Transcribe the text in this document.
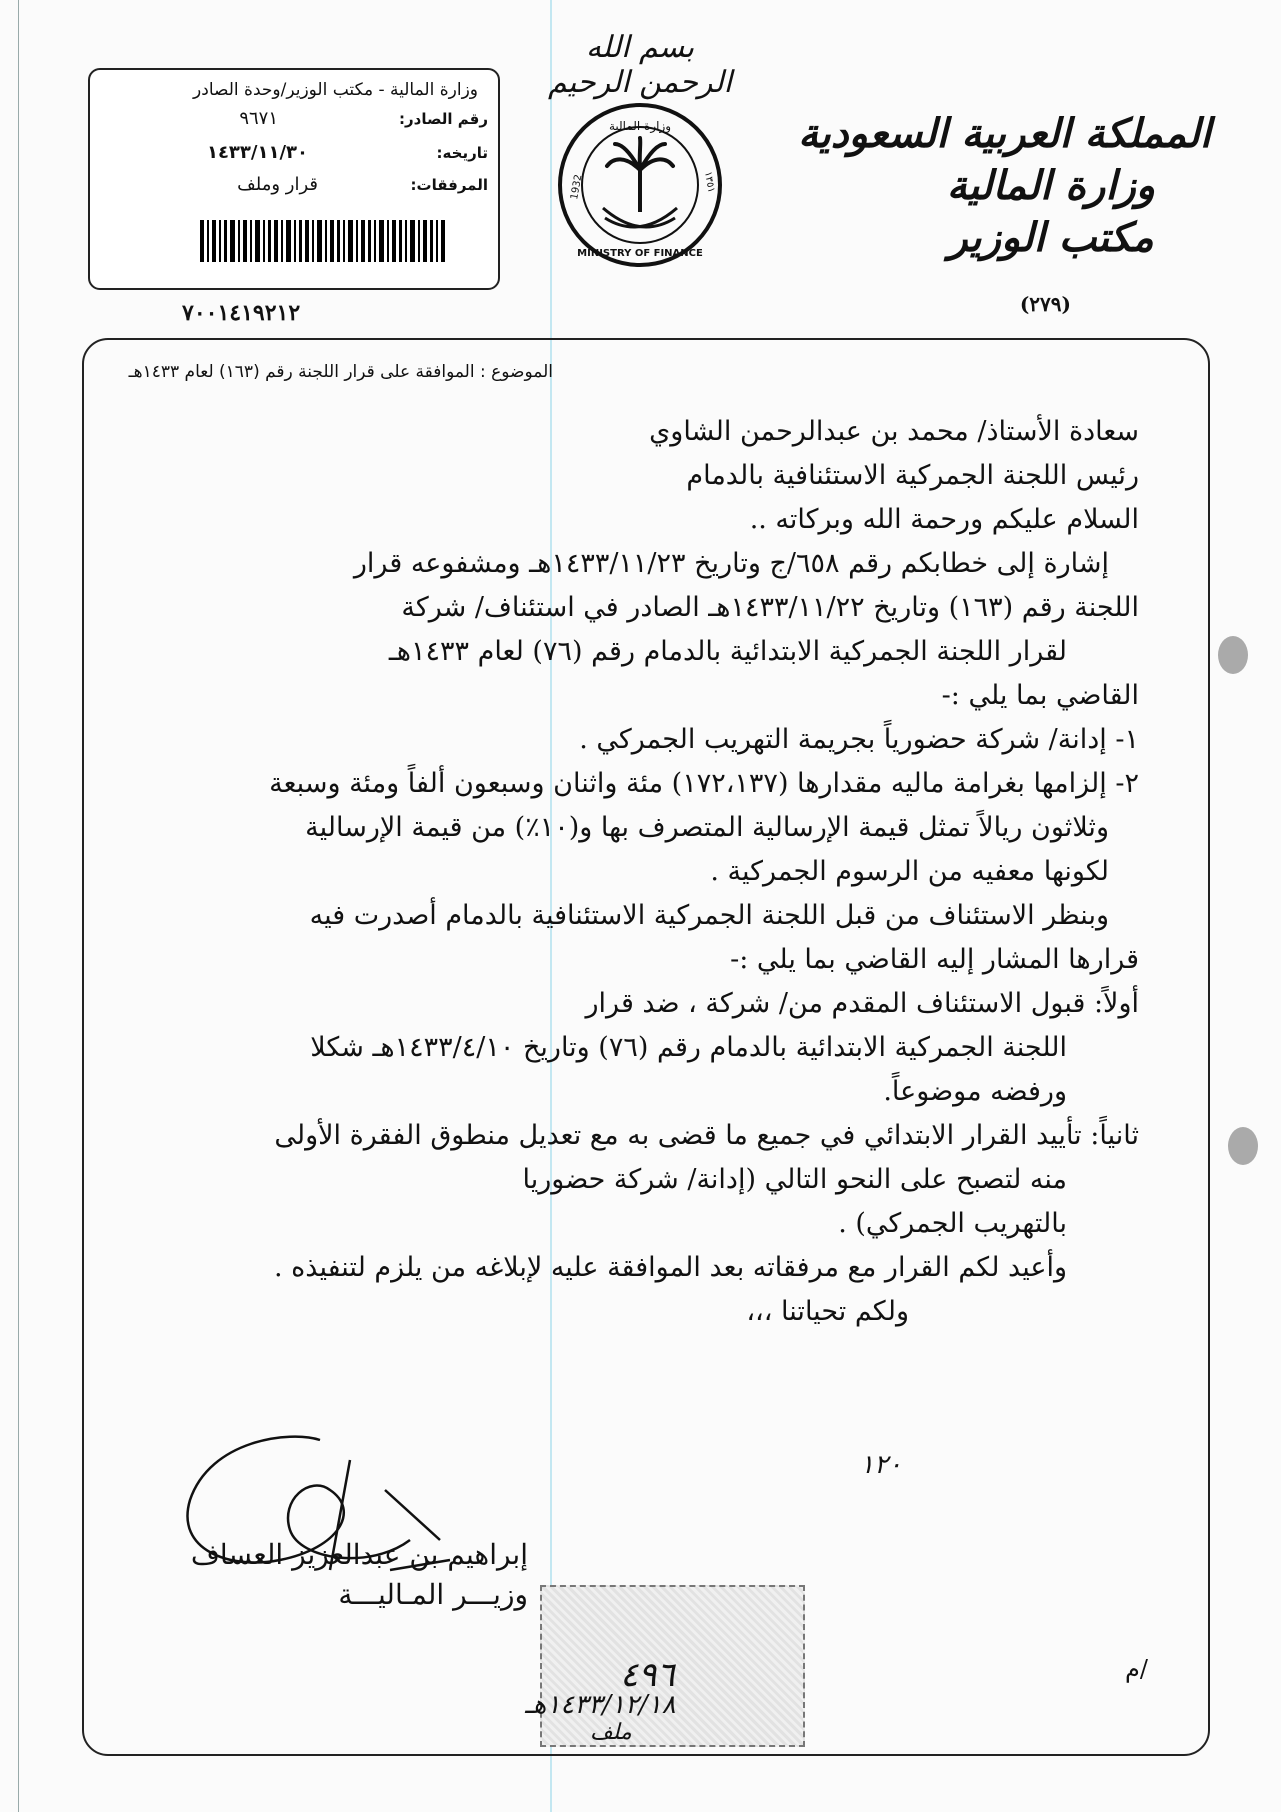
بسم الله الرحمن الرحيم
المملكة العربية السعودية
وزارة المالية
مكتب الوزير
(٢٧٩)
وزارة المالية
MINISTRY OF FINANCE
1932	١٣٥١
وزارة المالية - مكتب الوزير/وحدة الصادر
رقم الصادر:
٩٦٧١
تاريخه:
١٤٣٣/١١/٣٠
المرفقات:
قرار وملف
٧٠٠١٤١٩٢١٢
الموضوع : الموافقة على قرار اللجنة رقم (١٦٣) لعام ١٤٣٣هـ

سعادة الأستاذ/ محمد بن عبدالرحمن الشاوي

رئيس اللجنة الجمركية الاستئنافية بالدمام

السلام عليكم ورحمة الله وبركاته ..

إشارة إلى خطابكم رقم ٦٥٨/ج وتاريخ ١٤٣٣/١١/٢٣هـ ومشفوعه قرار

اللجنة رقم (١٦٣) وتاريخ ١٤٣٣/١١/٢٢هـ الصادر في استئناف/ شركة

لقرار اللجنة الجمركية الابتدائية بالدمام رقم (٧٦) لعام ١٤٣٣هـ

القاضي بما يلي :-

١- إدانة/ شركة حضورياً بجريمة التهريب الجمركي .

٢- إلزامها بغرامة ماليه مقدارها (١٧٢،١٣٧) مئة واثنان وسبعون ألفاً ومئة وسبعة

وثلاثون ريالاً تمثل قيمة الإرسالية المتصرف بها و(١٠٪) من قيمة الإرسالية

لكونها معفيه من الرسوم الجمركية .

وبنظر الاستئناف من قبل اللجنة الجمركية الاستئنافية بالدمام أصدرت فيه

قرارها المشار إليه القاضي بما يلي :-

أولاً: قبول الاستئناف المقدم من/ شركة ، ضد قرار

اللجنة الجمركية الابتدائية بالدمام رقم (٧٦) وتاريخ ١٤٣٣/٤/١٠هـ شكلا

ورفضه موضوعاً.

ثانياً: تأييد القرار الابتدائي في جميع ما قضى به مع تعديل منطوق الفقرة الأولى

منه لتصبح على النحو التالي (إدانة/ شركة حضوريا

بالتهريب الجمركي) .

وأعيد لكم القرار مع مرفقاته بعد الموافقة عليه لإبلاغه من يلزم لتنفيذه .

ولكم تحياتنا ،،،

١٢٠
إبراهيم بن عبدالعزيز العساف
وزيـــر المـاليـــة
٤٩٦
١٤٣٣/١٢/١٨هـ
ملف
م/
